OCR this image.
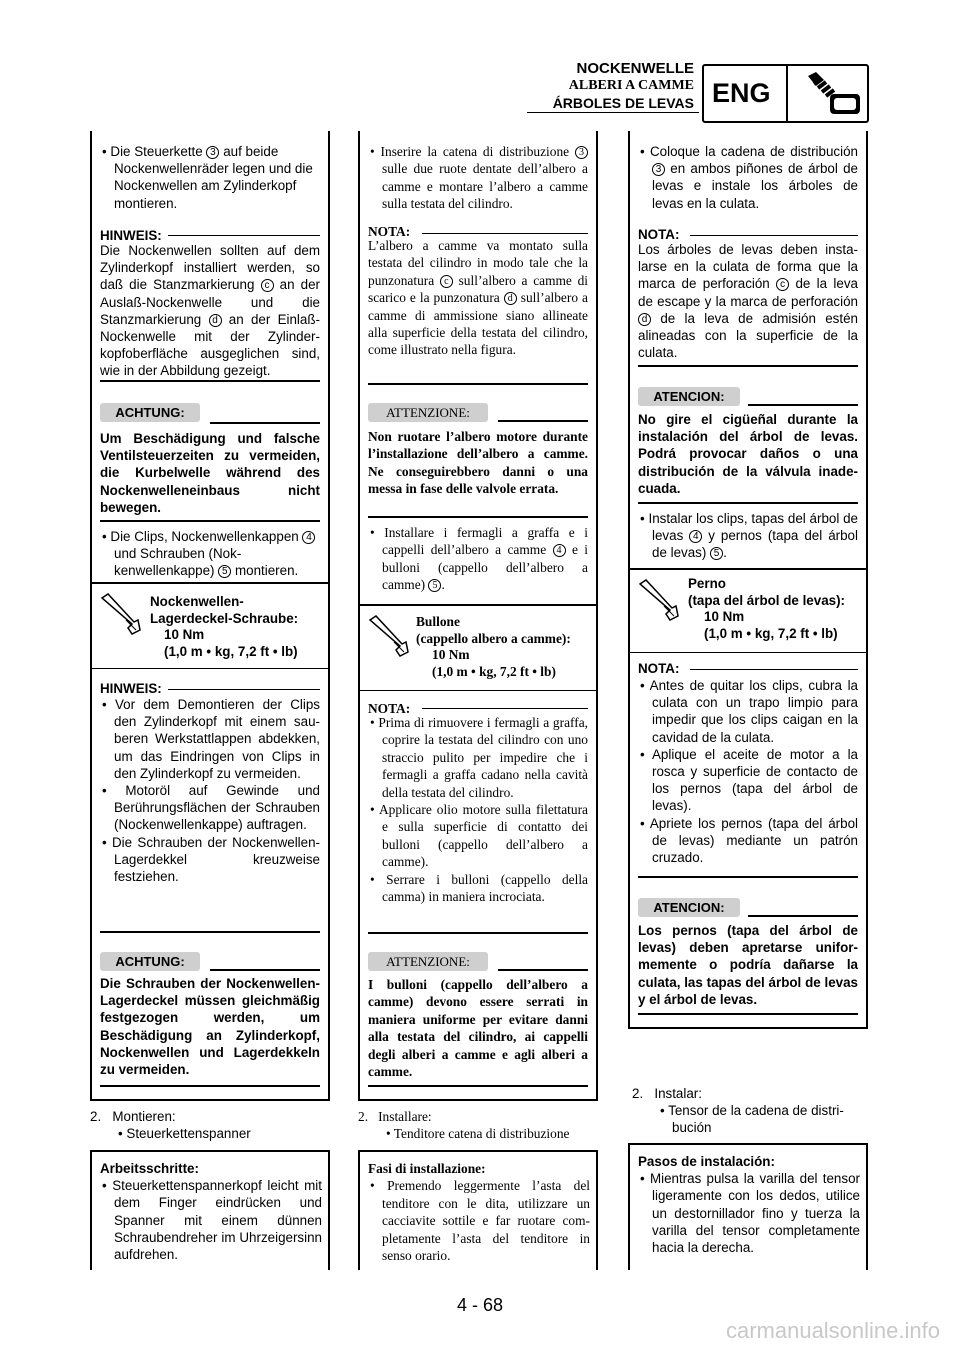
NOCKENWELLE
ALBERI A CAMME
ÁRBOLES DE LEVAS ENG
• Die Steuerkette 3 auf beide Nockenwellenräder legen und die Nockenwellen am Zylinderkopf montieren.
HINWEIS:
Die Nockenwellen sollten auf dem Zylinderkopf installiert werden, so daß die Stanzmarkierung c an der Auslaß-Nockenwelle und die Stanzmarkierung d an der Einlaß-Nockenwelle mit der Zylinderkopfoberfläche ausgeglichen sind, wie in der Abbildung gezeigt.
ACHTUNG:
Um Beschädigung und falsche Ventilsteuerzeiten zu vermeiden, die Kurbelwelle während des Nockenwelleneinbaus nicht bewegen.
• Die Clips, Nockenwellenkappen 4 und Schrauben (Nokkenwellenkappe) 5 montieren.
Nockenwellen-Lagerdeckel-Schraube:
10 Nm
(1,0 m • kg, 7,2 ft • lb)
HINWEIS:
• Vor dem Demontieren der Clips den Zylinderkopf mit einem sauberen Werkstattlappen abdekken, um das Eindringen von Clips in den Zylinderkopf zu vermeiden.
• Motoröl auf Gewinde und Berührungsflächen der Schrauben (Nockenwellenkappe) auftragen.
• Die Schrauben der Nockenwellen-Lagerdekkel kreuzweise festziehen.
ACHTUNG:
Die Schrauben der Nockenwellen-Lagerdeckel müssen gleichmäßig festgezogen werden, um Beschädigung an Zylinderkopf, Nockenwellen und Lagerdekkeln zu vermeiden.
2. Montieren:
• Steuerkettenspanner
Arbeitsschritte:
• Steuerkettenspannerkopf leicht mit dem Finger eindrücken und Spanner mit einem dünnen Schraubendreher im Uhrzeigersinn aufdrehen.
• Inserire la catena di distribuzione 3 sulle due ruote dentate dell’albero a camme e montare l’albero a camme sulla testata del cilindro.
NOTA:
L’albero a camme va montato sulla testata del cilindro in modo tale che la punzonatura c sull’albero a camme di scarico e la punzonatura d sull’albero a camme di ammissione siano allineate alla superficie della testata del cilindro, come illustrato nella figura.
ATTENZIONE:
Non ruotare l’albero motore durante l’installazione dell’albero a camme. Ne conseguirebbero danni o una messa in fase delle valvole errata.
• Installare i fermagli a graffa e i cappelli dell’albero a camme 4 e i bulloni (cappello dell’albero a camme) 5 .
Bullone
(cappello albero a camme):
10 Nm
(1,0 m • kg, 7,2 ft • lb)
NOTA:
• Prima di rimuovere i fermagli a graffa, coprire la testata del cilindro con uno straccio pulito per impedire che i fermagli a graffa cadano nella cavità della testata del cilindro.
• Applicare olio motore sulla filettatura e sulla superficie di contatto dei bulloni (cappello dell’albero a camme).
• Serrare i bulloni (cappello della camma) in maniera incrociata.
ATTENZIONE:
I bulloni (cappello dell’albero a camme) devono essere serrati in maniera uniforme per evitare danni alla testata del cilindro, ai cappelli degli alberi a camme e agli alberi a camme.
2. Installare:
• Tenditore catena di distribuzione
Fasi di installazione:
• Premendo leggermente l’asta del tenditore con le dita, utilizzare un cacciavite sottile e far ruotare completamente l’asta del tenditore in senso orario.
• Coloque la cadena de distribución 3 en ambos piñones de árbol de levas e instale los árboles de levas en la culata.
NOTA:
Los árboles de levas deben instalarse en la culata de forma que la marca de perforación c de la leva de escape y la marca de perforación d de la leva de admisión estén alineadas con la superficie de la culata.
ATENCION:
No gire el cigüeñal durante la instalación del árbol de levas. Podrá provocar daños o una distribución de la válvula inadecuada.
• Instalar los clips, tapas del árbol de levas 4 y pernos (tapa del árbol de levas) 5 .
Perno
(tapa del árbol de levas):
10 Nm
(1,0 m • kg, 7,2 ft • lb)
NOTA:
• Antes de quitar los clips, cubra la culata con un trapo limpio para impedir que los clips caigan en la cavidad de la culata.
• Aplique el aceite de motor a la rosca y superficie de contacto de los pernos (tapa del árbol de levas).
• Apriete los pernos (tapa del árbol de levas) mediante un patrón cruzado.
ATENCION:
Los pernos (tapa del árbol de levas) deben apretarse uniformemente o podría dañarse la culata, las tapas del árbol de levas y el árbol de levas.
2. Instalar:
• Tensor de la cadena de distribución
Pasos de instalación:
• Mientras pulsa la varilla del tensor ligeramente con los dedos, utilice un destornillador fino y tuerza la varilla del tensor completamente hacia la derecha.
4 - 68
carmanualsonline.info
